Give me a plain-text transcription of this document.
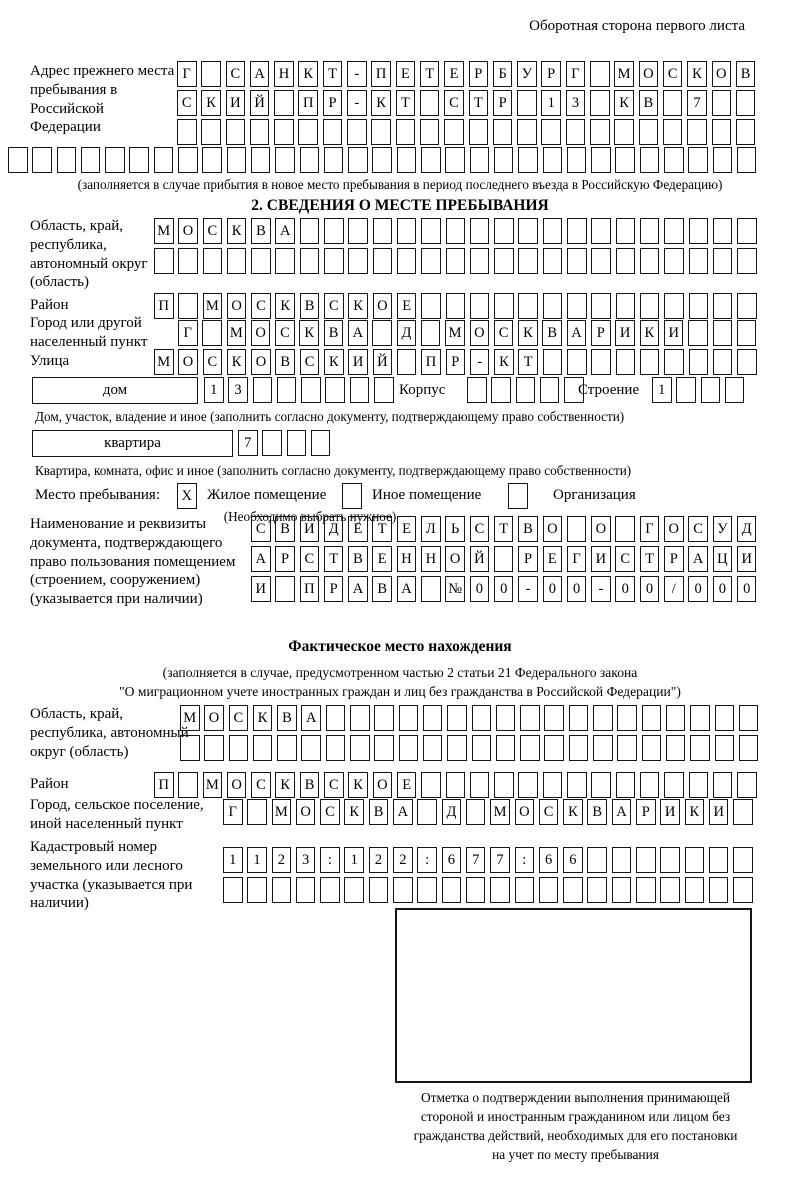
Оборотная сторона первого листа
Адрес прежнего места пребывания в Российской Федерации
Г	С А Н К	Т	-	П	Е	Т	Е	Р	Б	У	Р	Г	М О С	К О В
С	К И Й	П	Р	-	К	Т	С	Т	Р	1	3	К	В	7
(заполняется в случае прибытия в новое место пребывания в период последнего въезда в Российскую Федерацию)
2. СВЕДЕНИЯ О МЕСТЕ ПРЕБЫВАНИЯ
Область, край, республика, автономный округ (область)
М О С	К	В А
Район	П	М О С	К	В	С	К О	Е
Город или другой населенный пункт
Г	М О С	К	В А	Д	М О С	К	В А	Р	И К И
Улица	М О С	К О В	С	К И Й	П	Р	-	К	Т
дом	1	3	Корпус	Строение	1
Дом, участок, владение и иное (заполнить согласно документу, подтверждающему право собственности)
квартира	7
Квартира, комната, офис и иное (заполнить согласно документу, подтверждающему право собственности)
Место пребывания:	X	Жилое помещение	Иное помещение	Организация
(Необходимо выбрать нужное)
Наименование и реквизиты документа, подтверждающего право пользования помещением (строением, сооружением) (указывается при наличии)
С	В И Д	Е	Т	Е	Л	Ь	С	Т	В О	О	Г	О С У Д
А	Р	С	Т	В	Е	Н Н О Й	Р	Е	Г	И С	Т	Р	А Ц И
И	П	Р	А В А	№ 0	0	-	0	0	-	0	0	/	0	0	0
Фактическое место нахождения
(заполняется в случае, предусмотренном частью 2 статьи 21 Федерального закона
"О миграционном учете иностранных граждан и лиц без гражданства в Российской Федерации")
Область, край, республика, автономный округ (область)
М О С	К	В А
Район	П	М О С	К	В	С	К О	Е
Город, сельское поселение, иной населенный пункт
Г	М О С	К	В А	Д	М О С	К	В А	Р	И К И
Кадастровый номер земельного или лесного участка (указывается при наличии)
1	1	2	3	:	1	2	2	:	6	7	7	:	6	6
Отметка о подтверждении выполнения принимающей
стороной и иностранным гражданином или лицом без
гражданства действий, необходимых для его постановки
на учет по месту пребывания
